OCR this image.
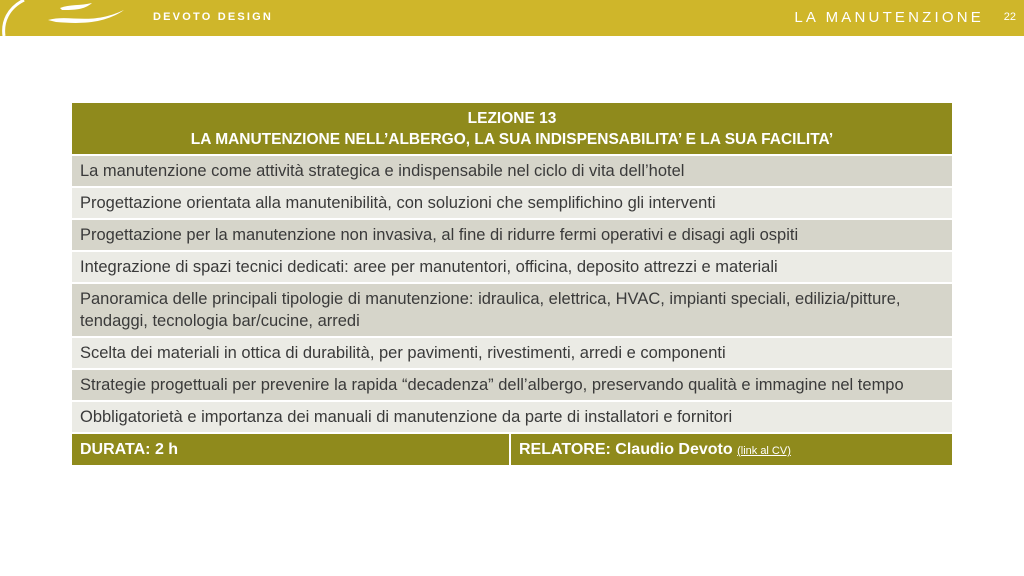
DEVOTO DESIGN	LA MANUTENZIONE 22
LEZIONE 13
LA MANUTENZIONE NELL’ALBERGO, LA SUA INDISPENSABILITA’ E LA SUA FACILITA’
La manutenzione come attività strategica e indispensabile nel ciclo di vita dell’hotel
Progettazione orientata alla manutenibilità, con soluzioni che semplifichino gli interventi
Progettazione per la manutenzione non invasiva, al fine di ridurre fermi operativi e disagi agli ospiti
Integrazione di spazi tecnici dedicati: aree per manutentori, officina, deposito attrezzi e materiali
Panoramica delle principali tipologie di manutenzione: idraulica, elettrica, HVAC, impianti speciali, edilizia/pitture, tendaggi, tecnologia bar/cucine, arredi
Scelta dei materiali in ottica di durabilità, per pavimenti, rivestimenti, arredi e componenti
Strategie progettuali per prevenire la rapida “decadenza” dell’albergo, preservando qualità e immagine nel tempo
Obbligatorietà e importanza dei manuali di manutenzione da parte di installatori e fornitori
DURATA: 2 h	RELATORE: Claudio Devoto (link al CV)
